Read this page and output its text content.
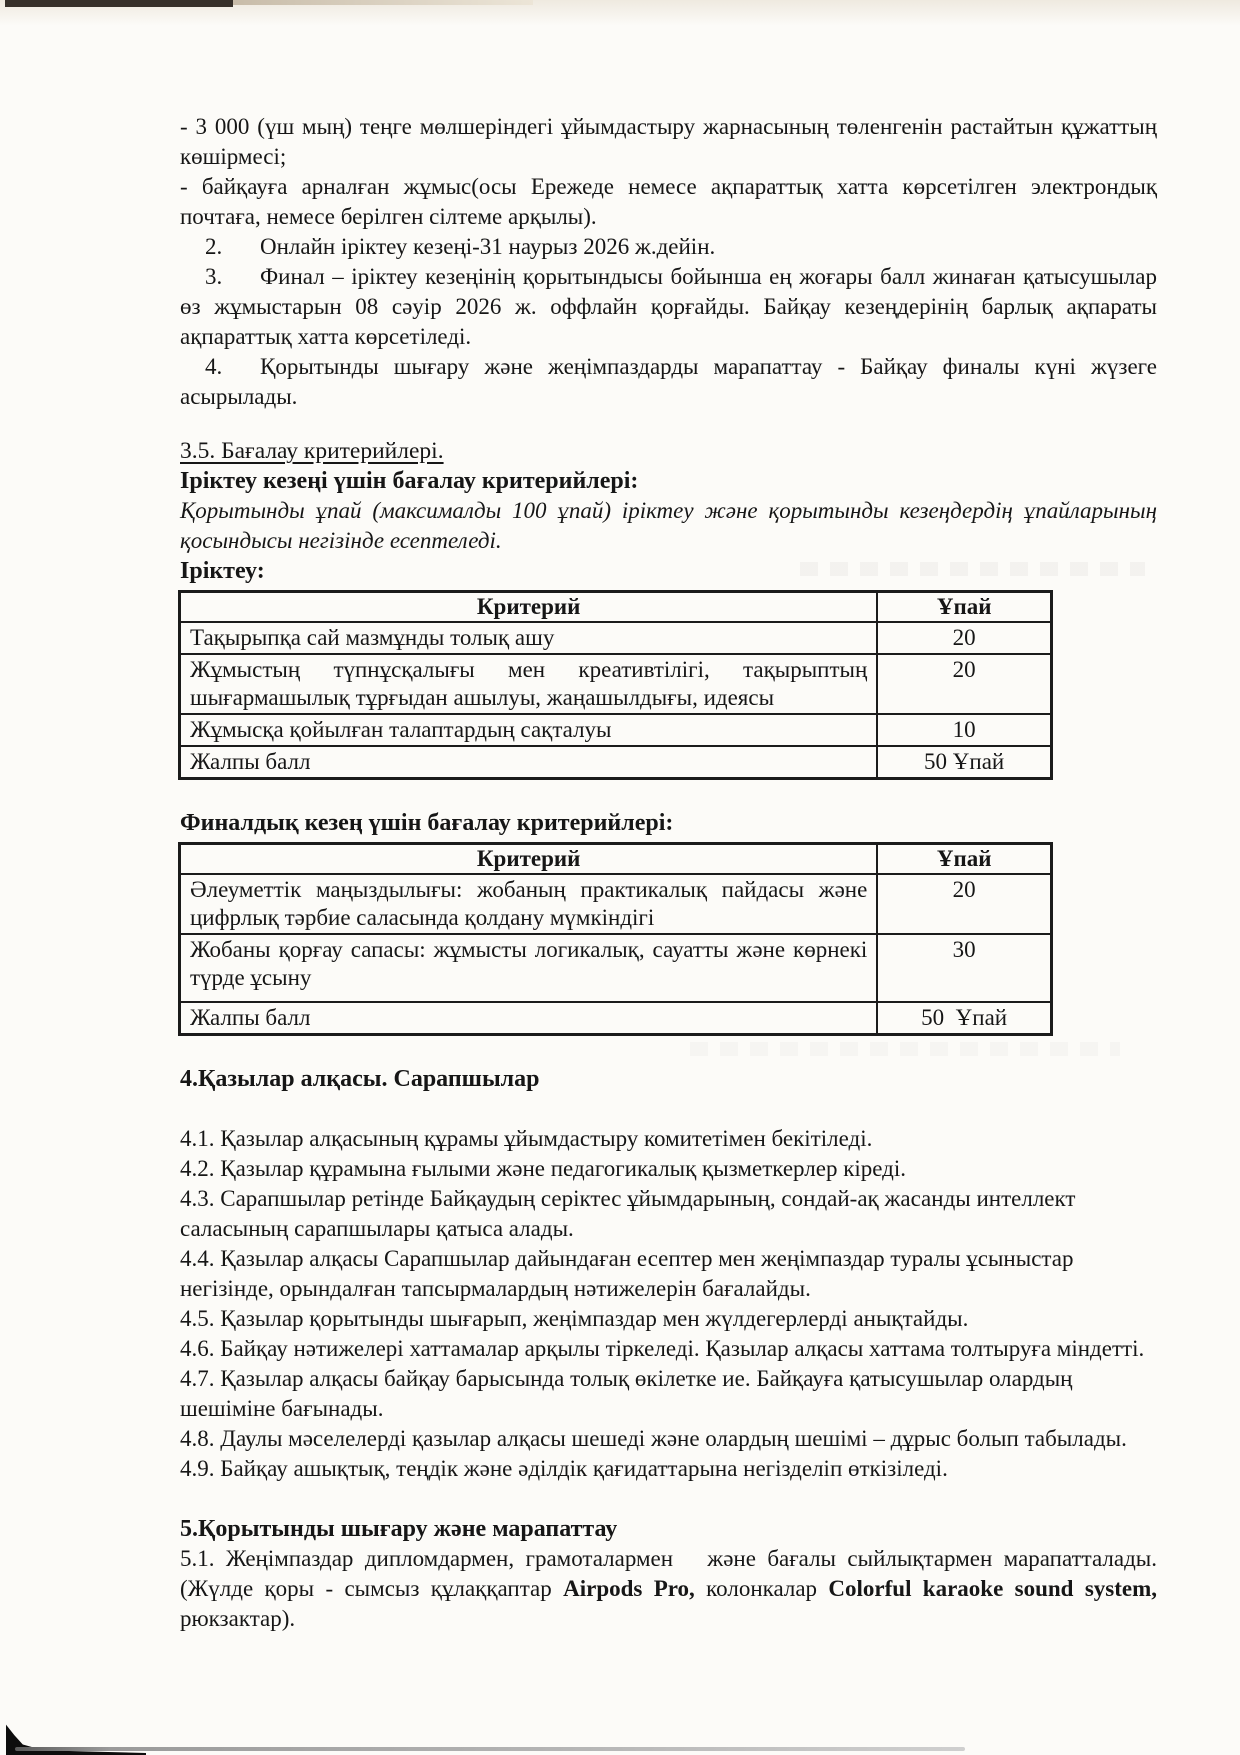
- 3 000 (үш мың) теңге мөлшеріндегі ұйымдастыру жарнасының төленгенін растайтын құжаттың көшірмесі;

- байқауға арналған жұмыс(осы Ережеде немесе ақпараттық хатта көрсетілген электрондық почтаға, немесе берілген сілтеме арқылы).

2. Онлайн іріктеу кезеңі-31 наурыз 2026 ж.дейін.

3. Финал – іріктеу кезеңінің қорытындысы бойынша ең жоғары балл жинаған қатысушылар өз жұмыстарын 08 сәуір 2026 ж. оффлайн қорғайды. Байқау кезеңдерінің барлық ақпараты ақпараттық хатта көрсетіледі.

4. Қорытынды шығару және жеңімпаздарды марапаттау - Байқау финалы күні жүзеге асырылады.

3.5. Бағалау критерийлері.

Іріктеу кезеңі үшін бағалау критерийлері:

Қорытынды ұпай (максималды 100 ұпай) іріктеу және қорытынды кезеңдердің ұпайларының қосындысы негізінде есептеледі.

Іріктеу:

Критерий	Ұпай
Тақырыпқа сай мазмұнды толық ашу	20
Жұмыстың түпнұсқалығы мен креативтілігі, тақырыптың шығармашылық тұрғыдан ашылуы, жаңашылдығы, идеясы	20
Жұмысқа қойылған талаптардың сақталуы	10
Жалпы балл	50 Ұпай

Финалдық кезең үшін бағалау критерийлері:

Критерий	Ұпай
Әлеуметтік маңыздылығы: жобаның практикалық пайдасы және цифрлық тәрбие саласында қолдану мүмкіндігі	20
Жобаны қорғау сапасы: жұмысты логикалық, сауатты және көрнекі түрде ұсыну	30
Жалпы балл	50  Ұпай

4.Қазылар алқасы. Сарапшылар

4.1. Қазылар алқасының құрамы ұйымдастыру комитетімен бекітіледі.

4.2. Қазылар құрамына ғылыми және педагогикалық қызметкерлер кіреді.

4.3. Сарапшылар ретінде Байқаудың серіктес ұйымдарының, сондай-ақ жасанды интеллект саласының сарапшылары қатыса алады.

4.4. Қазылар алқасы Сарапшылар дайындаған есептер мен жеңімпаздар туралы ұсыныстар негізінде, орындалған тапсырмалардың нәтижелерін бағалайды.

4.5. Қазылар қорытынды шығарып, жеңімпаздар мен жүлдегерлерді анықтайды.

4.6. Байқау нәтижелері хаттамалар арқылы тіркеледі. Қазылар алқасы хаттама толтыруға міндетті.

4.7. Қазылар алқасы байқау барысында толық өкілетке ие. Байқауға қатысушылар олардың шешіміне бағынады.

4.8. Даулы мәселелерді қазылар алқасы шешеді және олардың шешімі – дұрыс болып табылады.

4.9. Байқау ашықтық, теңдік және әділдік қағидаттарына негізделіп өткізіледі.

5.Қорытынды шығару және марапаттау

5.1. Жеңімпаздар дипломдармен, грамоталармен   және бағалы сыйлықтармен марапатталады. (Жүлде қоры - сымсыз құлаққаптар Airpods Pro, колонкалар Colorful karaoke sound system, рюкзактар).
